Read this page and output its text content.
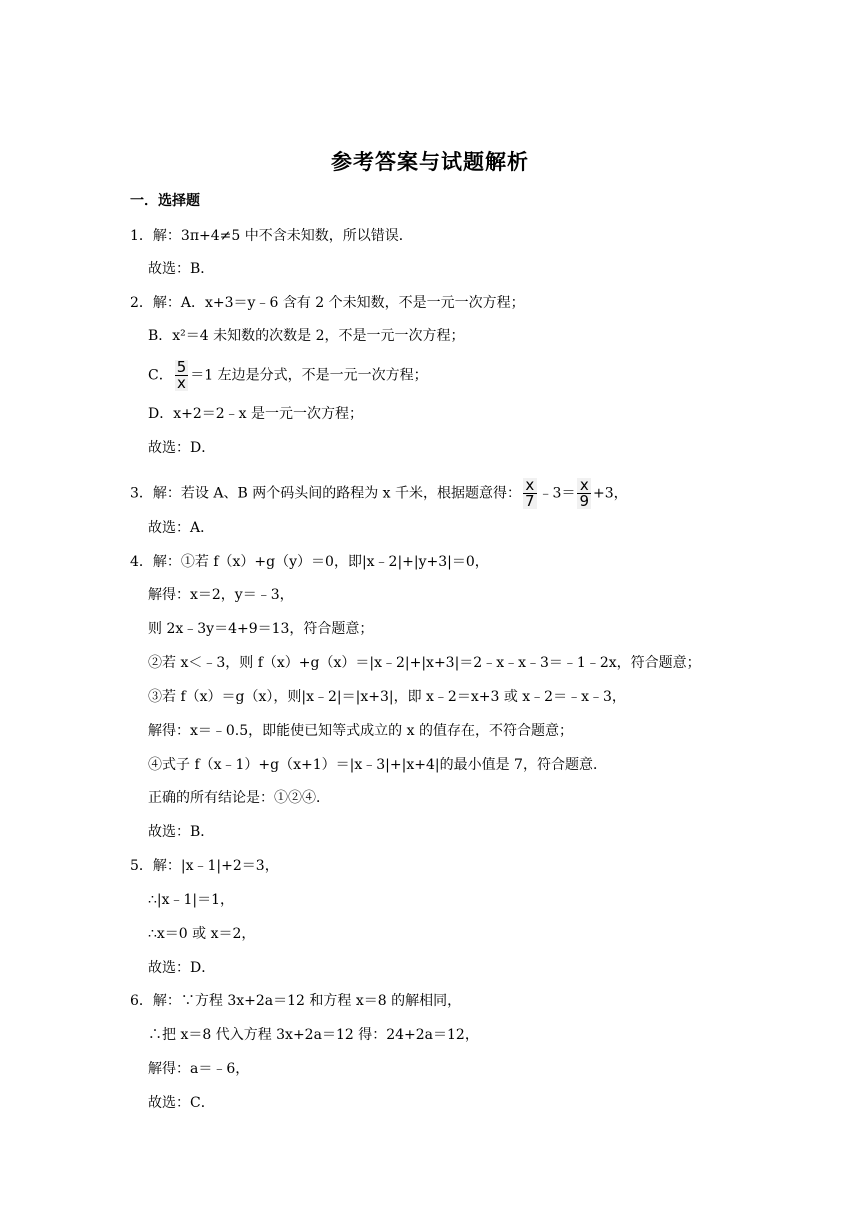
参考答案与试题解析
一．选择题
1．解：3π+4≠5 中不含未知数，所以错误．
故选：B．
2．解：A．x+3＝y﹣6 含有 2 个未知数，不是一元一次方程；
B．x²＝4 未知数的次数是 2，不是一元一次方程；
C． $\frac{5}{x} =1$ 左边是分式，不是一元一次方程；
D．x+2＝2﹣x 是一元一次方程；
故选：D．
3．解：若设 A、B 两个码头间的路程为 x 千米，根据题意得： $\frac{x}{7}$ ﹣3＝ $\frac{x}{9} +3$，
故选：A．
4．解：①若 f（x）+g（y）＝0，即|x﹣2|+|y+3|＝0，
解得：x＝2，y＝﹣3，
则 2x﹣3y＝4+9＝13，符合题意；
②若 x＜﹣3，则 f（x）+g（x）＝|x﹣2|+|x+3|＝2﹣x﹣x﹣3＝﹣1﹣2x，符合题意；
③若 f（x）＝g（x），则|x﹣2|＝|x+3|，即 x﹣2＝x+3 或 x﹣2＝﹣x﹣3，
解得：x＝﹣0.5，即能使已知等式成立的 x 的值存在，不符合题意；
④式子 f（x﹣1）+g（x+1）＝|x﹣3|+|x+4|的最小值是 7，符合题意．
正确的所有结论是：①②④．
故选：B．
5．解：|x﹣1|+2＝3，
∴|x﹣1|＝1，
∴x＝0 或 x＝2，
故选：D．
6．解：∵方程 3x+2a＝12 和方程 x＝8 的解相同，
∴把 x＝8 代入方程 3x+2a＝12 得：24+2a＝12，
解得：a＝﹣6，
故选：C．
